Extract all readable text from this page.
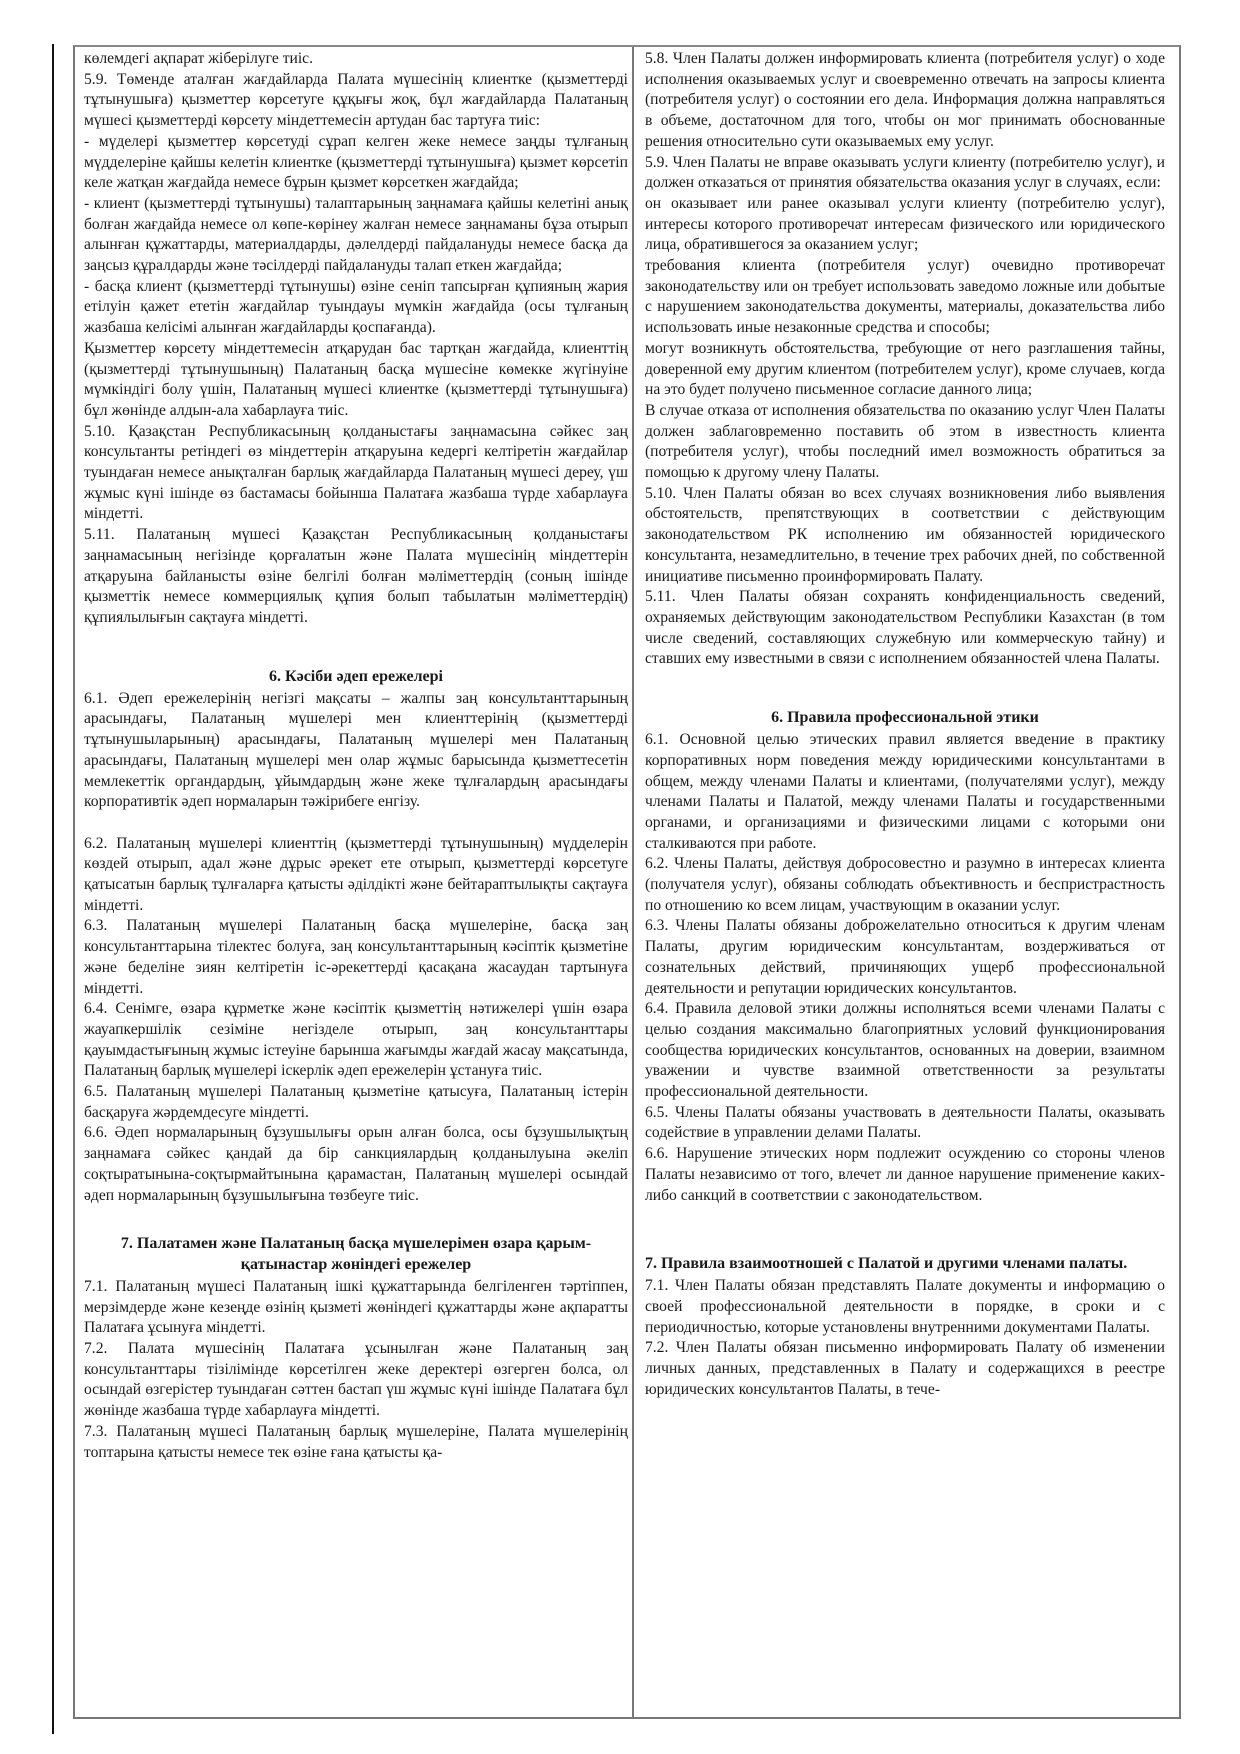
көлемдегі ақпарат жіберілуге тиіс.

5.9. Төменде аталған жағдайларда Палата мүшесінің клиентке (қызметтерді тұтынушыға) қызметтер көрсетуге құқығы жоқ, бұл жағдайларда Палатаның мүшесі қызметтерді көрсету міндеттемесін артудан бас тартуға тиіс:

- мүделері қызметтер көрсетуді сұрап келген жеке немесе заңды тұлғаның мүдделеріне қайшы келетін клиентке (қызметтерді тұтынушыға) қызмет көрсетіп келе жатқан жағдайда немесе бұрын қызмет көрсеткен жағдайда;

- клиент (қызметтерді тұтынушы) талаптарының заңнамаға қайшы келетіні анық болған жағдайда немесе ол көпе-көрінеу жалған немесе заңнаманы бұза отырып алынған құжаттарды, материалдарды, дәлелдерді пайдалануды немесе басқа да заңсыз құралдарды және тәсілдерді пайдалануды талап еткен жағдайда;

- басқа клиент (қызметтерді тұтынушы) өзіне сеніп тапсырған құпияның жария етілуін қажет ететін жағдайлар туындауы мүмкін жағдайда (осы тұлғаның жазбаша келісімі алынған жағдайларды қоспағанда).

Қызметтер көрсету міндеттемесін атқарудан бас тартқан жағдайда, клиенттің (қызметтерді тұтынушының) Палатаның басқа мүшесіне көмекке жүгінуіне мүмкіндігі болу үшін, Палатаның мүшесі клиентке (қызметтерді тұтынушыға) бұл жөнінде алдын-ала хабарлауға тиіс.

5.10. Қазақстан Республикасының қолданыстағы заңнамасына сәйкес заң консультанты ретіндегі өз міндеттерін атқаруына кедергі келтіретін жағдайлар туындаған немесе анықталған барлық жағдайларда Палатаның мүшесі дереу, үш жұмыс күні ішінде өз бастамасы бойынша Палатаға жазбаша түрде хабарлауға міндетті.

5.11. Палатаның мүшесі Қазақстан Республикасының қолданыстағы заңнамасының негізінде қорғалатын және Палата мүшесінің міндеттерін атқаруына байланысты өзіне белгілі болған мәліметтердің (соның ішінде қызметтік немесе коммерциялық құпия болып табылатын мәліметтердің) құпиялылығын сақтауға міндетті.

6. Кәсіби әдеп ережелері

6.1. Әдеп ережелерінің негізгі мақсаты – жалпы заң консультанттарының арасындағы, Палатаның мүшелері мен клиенттерінің (қызметтерді тұтынушыларының) арасындағы, Палатаның мүшелері мен Палатаның арасындағы, Палатаның мүшелері мен олар жұмыс барысында қызметтесетін мемлекеттік органдардың, ұйымдардың және жеке тұлғалардың арасындағы корпоративтік әдеп нормаларын тәжірибеге енгізу.

6.2. Палатаның мүшелері клиенттің (қызметтерді тұтынушының) мүдделерін көздей отырып, адал және дұрыс әрекет ете отырып, қызметтерді көрсетуге қатысатын барлық тұлғаларға қатысты әділдікті және бейтараптылықты сақтауға міндетті.

6.3. Палатаның мүшелері Палатаның басқа мүшелеріне, басқа заң консультанттарына тілектес болуға, заң консультанттарының кәсіптік қызметіне және беделіне зиян келтіретін іс-әрекеттерді қасақана жасаудан тартынуға міндетті.

6.4. Сенімге, өзара құрметке және кәсіптік қызметтің нәтижелері үшін өзара жауапкершілік сезіміне негізделе отырып, заң консультанттары қауымдастығының жұмыс істеуіне барынша жағымды жағдай жасау мақсатында, Палатаның барлық мүшелері іскерлік әдеп ережелерін ұстануға тиіс.

6.5. Палатаның мүшелері Палатаның қызметіне қатысуға, Палатаның істерін басқаруға жәрдемдесуге міндетті.

6.6. Әдеп нормаларының бұзушылығы орын алған болса, осы бұзушылықтың заңнамаға сәйкес қандай да бір санкциялардың қолданылуына әкеліп соқтыратынына-соқтырмайтынына қарамастан, Палатаның мүшелері осындай әдеп нормаларының бұзушылығына төзбеуге тиіс.

7. Палатамен және Палатаның басқа мүшелерімен өзара қарым-қатынастар жөніндегі ережелер

7.1. Палатаның мүшесі Палатаның ішкі құжаттарында белгіленген тәртіппен, мерзімдерде және кезеңде өзінің қызметі жөніндегі құжаттарды және ақпаратты Палатаға ұсынуға міндетті.

7.2. Палата мүшесінің Палатаға ұсынылған және Палатаның заң консультанттары тізілімінде көрсетілген жеке деректері өзгерген болса, ол осындай өзгерістер туындаған сәттен бастап үш жұмыс күні ішінде Палатаға бұл жөнінде жазбаша түрде хабарлауға міндетті.

7.3. Палатаның мүшесі Палатаның барлық мүшелеріне, Палата мүшелерінің топтарына қатысты немесе тек өзіне ғана қатысты қа-

5.8. Член Палаты должен информировать клиента (потребителя услуг) о ходе исполнения оказываемых услуг и своевременно отвечать на запросы клиента (потребителя услуг) о состоянии его дела. Информация должна направляться в объеме, достаточном для того, чтобы он мог принимать обоснованные решения относительно сути оказываемых ему услуг.

5.9. Член Палаты не вправе оказывать услуги клиенту (потребителю услуг), и должен отказаться от принятия обязательства оказания услуг в случаях, если:

он оказывает или ранее оказывал услуги клиенту (потребителю услуг), интересы которого противоречат интересам физического или юридического лица, обратившегося за оказанием услуг;

требования клиента (потребителя услуг) очевидно противоречат законодательству или он требует использовать заведомо ложные или добытые с нарушением законодательства документы, материалы, доказательства либо использовать иные незаконные средства и способы;

могут возникнуть обстоятельства, требующие от него разглашения тайны, доверенной ему другим клиентом (потребителем услуг), кроме случаев, когда на это будет получено письменное согласие данного лица;

В случае отказа от исполнения обязательства по оказанию услуг Член Палаты должен заблаговременно поставить об этом в известность клиента (потребителя услуг), чтобы последний имел возможность обратиться за помощью к другому члену Палаты.

5.10. Член Палаты обязан во всех случаях возникновения либо выявления обстоятельств, препятствующих в соответствии с действующим законодательством РК исполнению им обязанностей юридического консультанта, незамедлительно, в течение трех рабочих дней, по собственной инициативе письменно проинформировать Палату.

5.11. Член Палаты обязан сохранять конфиденциальность сведений, охраняемых действующим законодательством Республики Казахстан (в том числе сведений, составляющих служебную или коммерческую тайну) и ставших ему известными в связи с исполнением обязанностей члена Палаты.

6. Правила профессиональной этики

6.1. Основной целью этических правил является введение в практику корпоративных норм поведения между юридическими консультантами в общем, между членами Палаты и клиентами, (получателями услуг), между членами Палаты и Палатой, между членами Палаты и государственными органами, и организациями и физическими лицами с которыми они сталкиваются при работе.

6.2. Члены Палаты, действуя добросовестно и разумно в интересах клиента (получателя услуг), обязаны соблюдать объективность и беспристрастность по отношению ко всем лицам, участвующим в оказании услуг.

6.3. Члены Палаты обязаны доброжелательно относиться к другим членам Палаты, другим юридическим консультантам, воздерживаться от сознательных действий, причиняющих ущерб профессиональной деятельности и репутации юридических консультантов.

6.4. Правила деловой этики должны исполняться всеми членами Палаты с целью создания максимально благоприятных условий функционирования сообщества юридических консультантов, основанных на доверии, взаимном уважении и чувстве взаимной ответственности за результаты профессиональной деятельности.

6.5. Члены Палаты обязаны участвовать в деятельности Палаты, оказывать содействие в управлении делами Палаты.

6.6. Нарушение этических норм подлежит осуждению со стороны членов Палаты независимо от того, влечет ли данное нарушение применение каких-либо санкций в соответствии с законодательством.

7. Правила взаимоотношей с Палатой и другими членами палаты.

7.1. Член Палаты обязан представлять Палате документы и информацию о своей профессиональной деятельности в порядке, в сроки и с периодичностью, которые установлены внутренними документами Палаты.

7.2. Член Палаты обязан письменно информировать Палату об изменении личных данных, представленных в Палату и содержащихся в реестре юридических консультантов Палаты, в тече-
